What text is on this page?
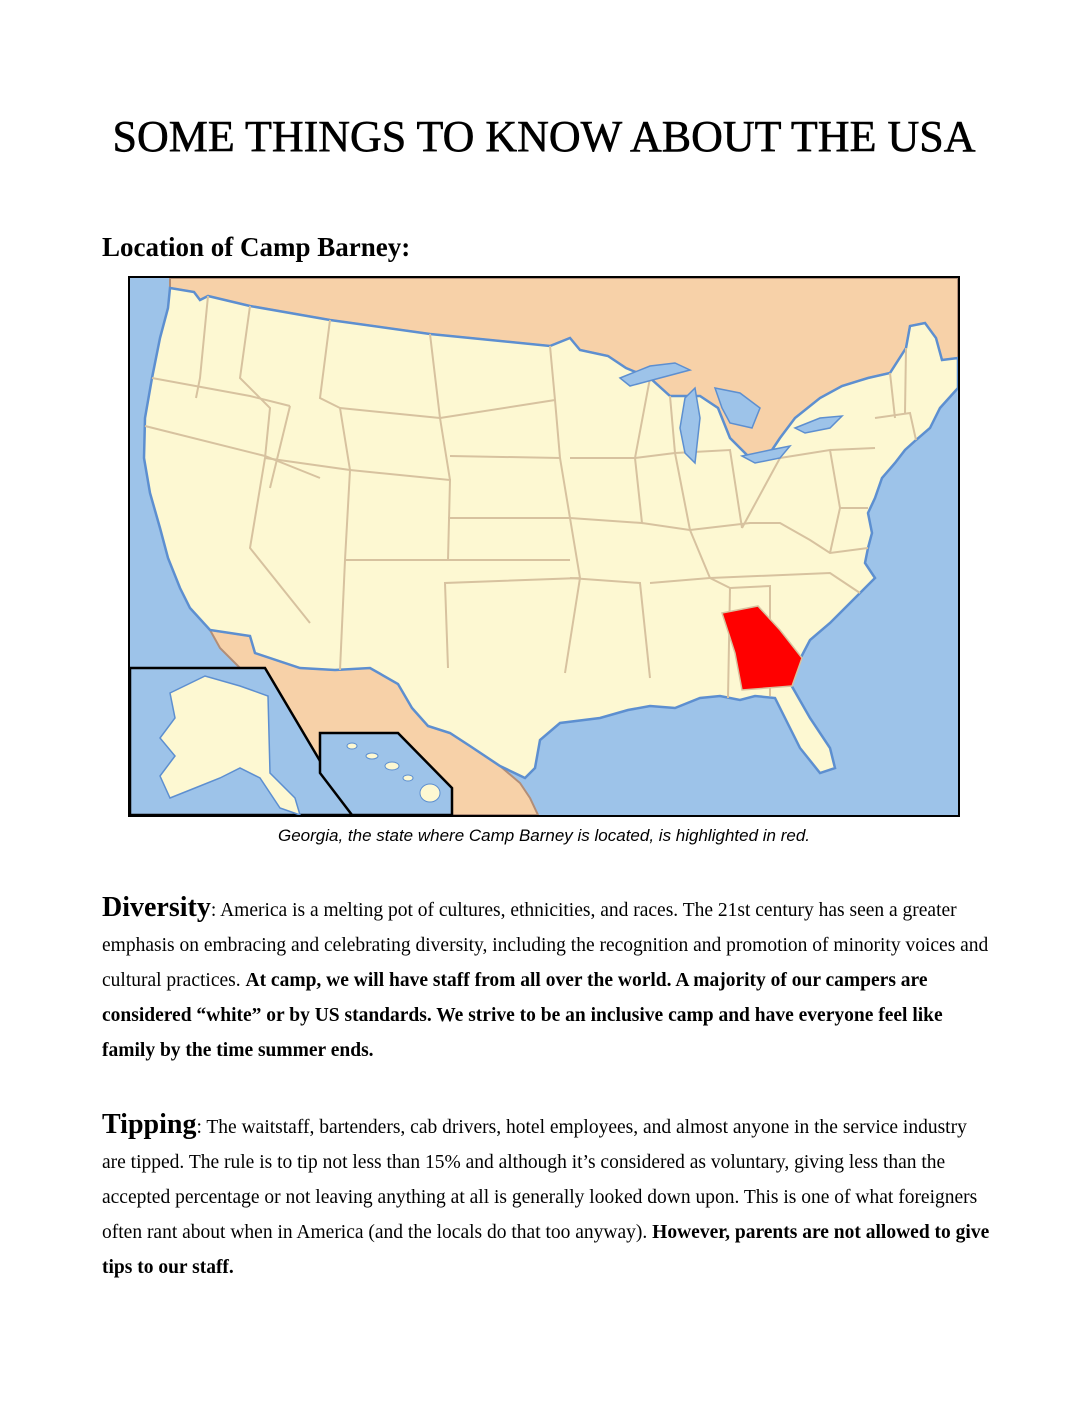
SOME THINGS TO KNOW ABOUT THE USA
Location of Camp Barney:

Georgia, the state where Camp Barney is located, is highlighted in red.

Diversity: America is a melting pot of cultures, ethnicities, and races. The 21st century has seen a greater emphasis on embracing and celebrating diversity, including the recognition and promotion of minority voices and cultural practices. At camp, we will have staff from all over the world. A majority of our campers are considered “white” or by US standards. We strive to be an inclusive camp and have everyone feel like family by the time summer ends.

Tipping: The waitstaff, bartenders, cab drivers, hotel employees, and almost anyone in the service industry are tipped. The rule is to tip not less than 15% and although it’s considered as voluntary, giving less than the accepted percentage or not leaving anything at all is generally looked down upon. This is one of what foreigners often rant about when in America (and the locals do that too anyway). However, parents are not allowed to give tips to our staff.
